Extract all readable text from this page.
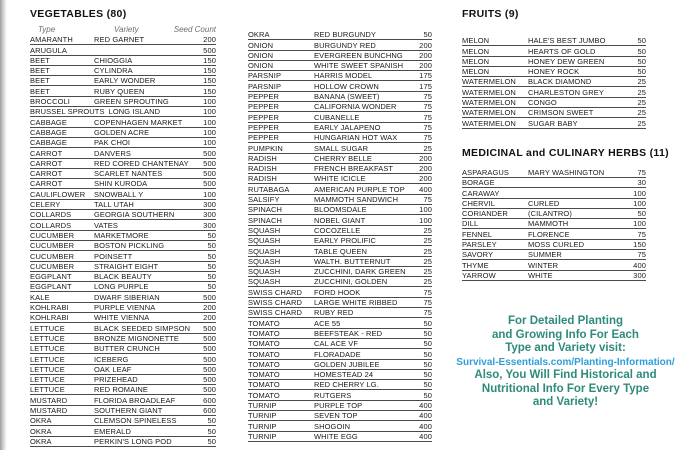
VEGETABLES (80)
Type	Variety	Seed Count
AMARANTH	RED GARNET	200
ARUGULA	500
BEET	CHIOGGIA	150
BEET	CYLINDRA	150
BEET	EARLY WONDER	150
BEET	RUBY QUEEN	150
BROCCOLI	GREEN SPROUTING	100
BRUSSEL SPROUTS LONG ISLAND	100
CABBAGE	COPENHAGEN MARKET	100
CABBAGE	GOLDEN ACRE	100
CABBAGE	PAK CHOI	100
CARROT	DANVERS	500
CARROT	RED CORED CHANTENAY	500
CARROT	SCARLET NANTES	500
CARROT	SHIN KURODA	500
CAULIFLOWER	SNOWBALL Y	100
CELERY	TALL UTAH	300
COLLARDS	GEORGIA SOUTHERN	300
COLLARDS	VATES	300
CUCUMBER	MARKETMORE	50
CUCUMBER	BOSTON PICKLING	50
CUCUMBER	POINSETT	50
CUCUMBER	STRAIGHT EIGHT	50
EGGPLANT	BLACK BEAUTY	50
EGGPLANT	LONG PURPLE	50
KALE	DWARF SIBERIAN	500
KOHLRABI	PURPLE VIENNA	200
KOHLRABI	WHITE VIENNA	200
LETTUCE	BLACK SEEDED SIMPSON	500
LETTUCE	BRONZE MIGNONETTE	500
LETTUCE	BUTTER CRUNCH	500
LETTUCE	ICEBERG	500
LETTUCE	OAK LEAF	500
LETTUCE	PRIZEHEAD	500
LETTUCE	RED ROMAINE	500
MUSTARD	FLORIDA BROADLEAF	600
MUSTARD	SOUTHERN GIANT	600
OKRA	CLEMSON SPINELESS	50
OKRA	EMERALD	50
OKRA	PERKIN'S LONG POD	50
OKRA	RED BURGUNDY	50
ONION	BURGUNDY RED	200
ONION	EVERGREEN BUNCHNG	200
ONION	WHITE SWEET SPANISH	200
PARSNIP	HARRIS MODEL	175
PARSNIP	HOLLOW CROWN	175
PEPPER	BANANA (SWEET)	75
PEPPER	CALIFORNIA WONDER	75
PEPPER	CUBANELLE	75
PEPPER	EARLY JALAPENO	75
PEPPER	HUNGARIAN HOT WAX	75
PUMPKIN	SMALL SUGAR	25
RADISH	CHERRY BELLE	200
RADISH	FRENCH BREAKFAST	200
RADISH	WHITE ICICLE	200
RUTABAGA	AMERICAN PURPLE TOP	400
SALSIFY	MAMMOTH SANDWICH	75
SPINACH	BLOOMSDALE	100
SPINACH	NOBEL GIANT	100
SQUASH	COCOZELLE	25
SQUASH	EARLY PROLIFIC	25
SQUASH	TABLE QUEEN	25
SQUASH	WALTH. BUTTERNUT	25
SQUASH	ZUCCHINI, DARK GREEN	25
SQUASH	ZUCCHINI, GOLDEN	25
SWISS CHARD	FORD HOOK	75
SWISS CHARD	LARGE WHITE RIBBED	75
SWISS CHARD	RUBY RED	75
TOMATO	ACE 55	50
TOMATO	BEEFSTEAK - RED	50
TOMATO	CAL ACE VF	50
TOMATO	FLORADADE	50
TOMATO	GOLDEN JUBILEE	50
TOMATO	HOMESTEAD 24	50
TOMATO	RED CHERRY LG.	50
TOMATO	RUTGERS	50
TURNIP	PURPLE TOP	400
TURNIP	SEVEN TOP	400
TURNIP	SHOGOIN	400
TURNIP	WHITE EGG	400
FRUITS (9)
MELON	HALE'S BEST JUMBO	50
MELON	HEARTS OF GOLD	50
MELON	HONEY DEW GREEN	50
MELON	HONEY ROCK	50
WATERMELON	BLACK DIAMOND	25
WATERMELON	CHARLESTON GREY	25
WATERMELON	CONGO	25
WATERMELON	CRIMSON SWEET	25
WATERMELON	SUGAR BABY	25
MEDICINAL and CULINARY HERBS (11)
ASPARAGUS	MARY WASHINGTON	75
BORAGE	30
CARAWAY	100
CHERVIL	CURLED	100
CORIANDER	(CILANTRO)	50
DILL	MAMMOTH	100
FENNEL	FLORENCE	75
PARSLEY	MOSS CURLED	150
SAVORY	SUMMER	75
THYME	WINTER	400
YARROW	WHITE	300
For Detailed Planting
and Growing Info For Each
Type and Variety visit:
Survival-Essentials.com/Planting-Information/
Also, You Will Find Historical and
Nutritional Info For Every Type
and Variety!
